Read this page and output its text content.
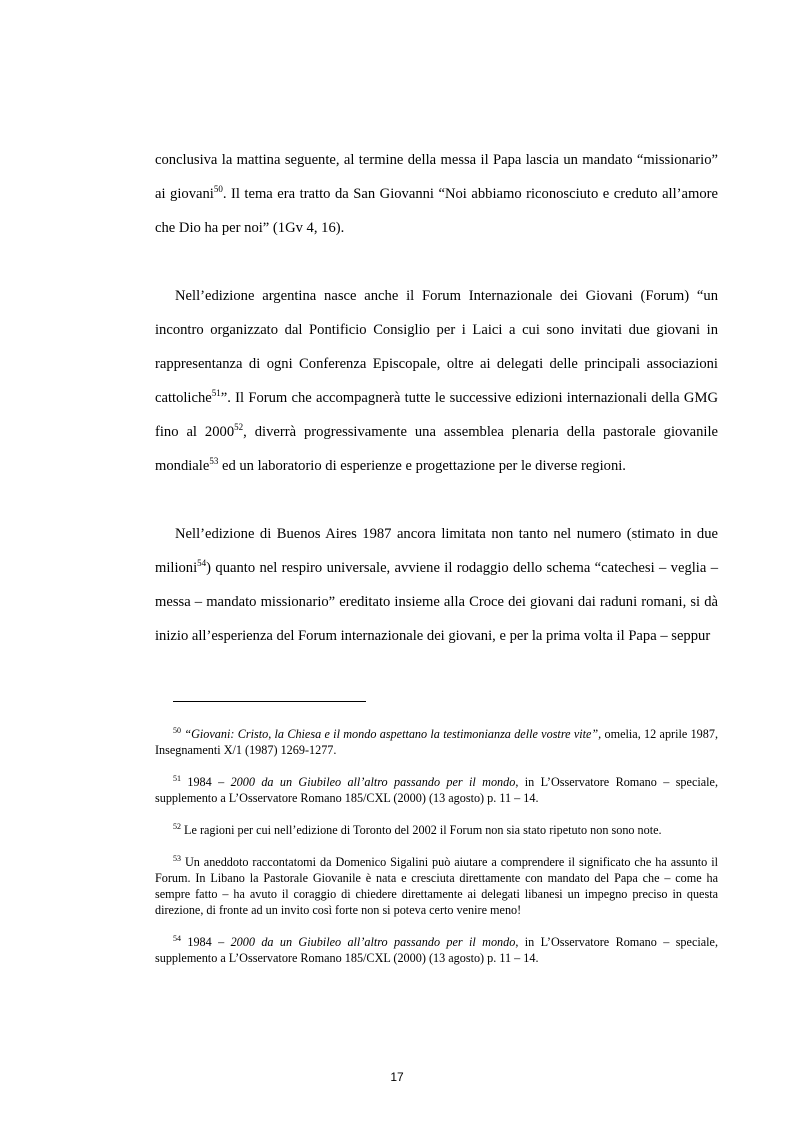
conclusiva la mattina seguente, al termine della messa il Papa lascia un mandato “missionario” ai giovani$^{50}$. Il tema era tratto da San Giovanni “Noi abbiamo riconosciuto e creduto all’amore che Dio ha per noi” (1Gv 4, 16).

Nell’edizione argentina nasce anche il Forum Internazionale dei Giovani (Forum) “un incontro organizzato dal Pontificio Consiglio per i Laici a cui sono invitati due giovani in rappresentanza di ogni Conferenza Episcopale, oltre ai delegati delle principali associazioni cattoliche$^{51}$”. Il Forum che accompagnerà tutte le successive edizioni internazionali della GMG fino al 2000$^{52}$, diverrà progressivamente una assemblea plenaria della pastorale giovanile mondiale$^{53}$ ed un laboratorio di esperienze e progettazione per le diverse regioni.

Nell’edizione di Buenos Aires 1987 ancora limitata non tanto nel numero (stimato in due milioni$^{54}$) quanto nel respiro universale, avviene il rodaggio dello schema “catechesi – veglia – messa – mandato missionario” ereditato insieme alla Croce dei giovani dai raduni romani, si dà inizio all’esperienza del Forum internazionale dei giovani, e per la prima volta il Papa – seppur

$^{50}$ “Giovani: Cristo, la Chiesa e il mondo aspettano la testimonianza delle vostre vite”, omelia, 12 aprile 1987, Insegnamenti X/1 (1987) 1269-1277.

$^{51}$ 1984 – 2000 da un Giubileo all’altro passando per il mondo, in L’Osservatore Romano – speciale, supplemento a L’Osservatore Romano 185/CXL (2000) (13 agosto) p. 11 – 14.

$^{52}$ Le ragioni per cui nell’edizione di Toronto del 2002 il Forum non sia stato ripetuto non sono note.

$^{53}$ Un aneddoto raccontatomi da Domenico Sigalini può aiutare a comprendere il significato che ha assunto il Forum. In Libano la Pastorale Giovanile è nata e cresciuta direttamente con mandato del Papa che – come ha sempre fatto – ha avuto il coraggio di chiedere direttamente ai delegati libanesi un impegno preciso in questa direzione, di fronte ad un invito così forte non si poteva certo venire meno!

$^{54}$ 1984 – 2000 da un Giubileo all’altro passando per il mondo, in L’Osservatore Romano – speciale, supplemento a L’Osservatore Romano 185/CXL (2000) (13 agosto) p. 11 – 14.

17
